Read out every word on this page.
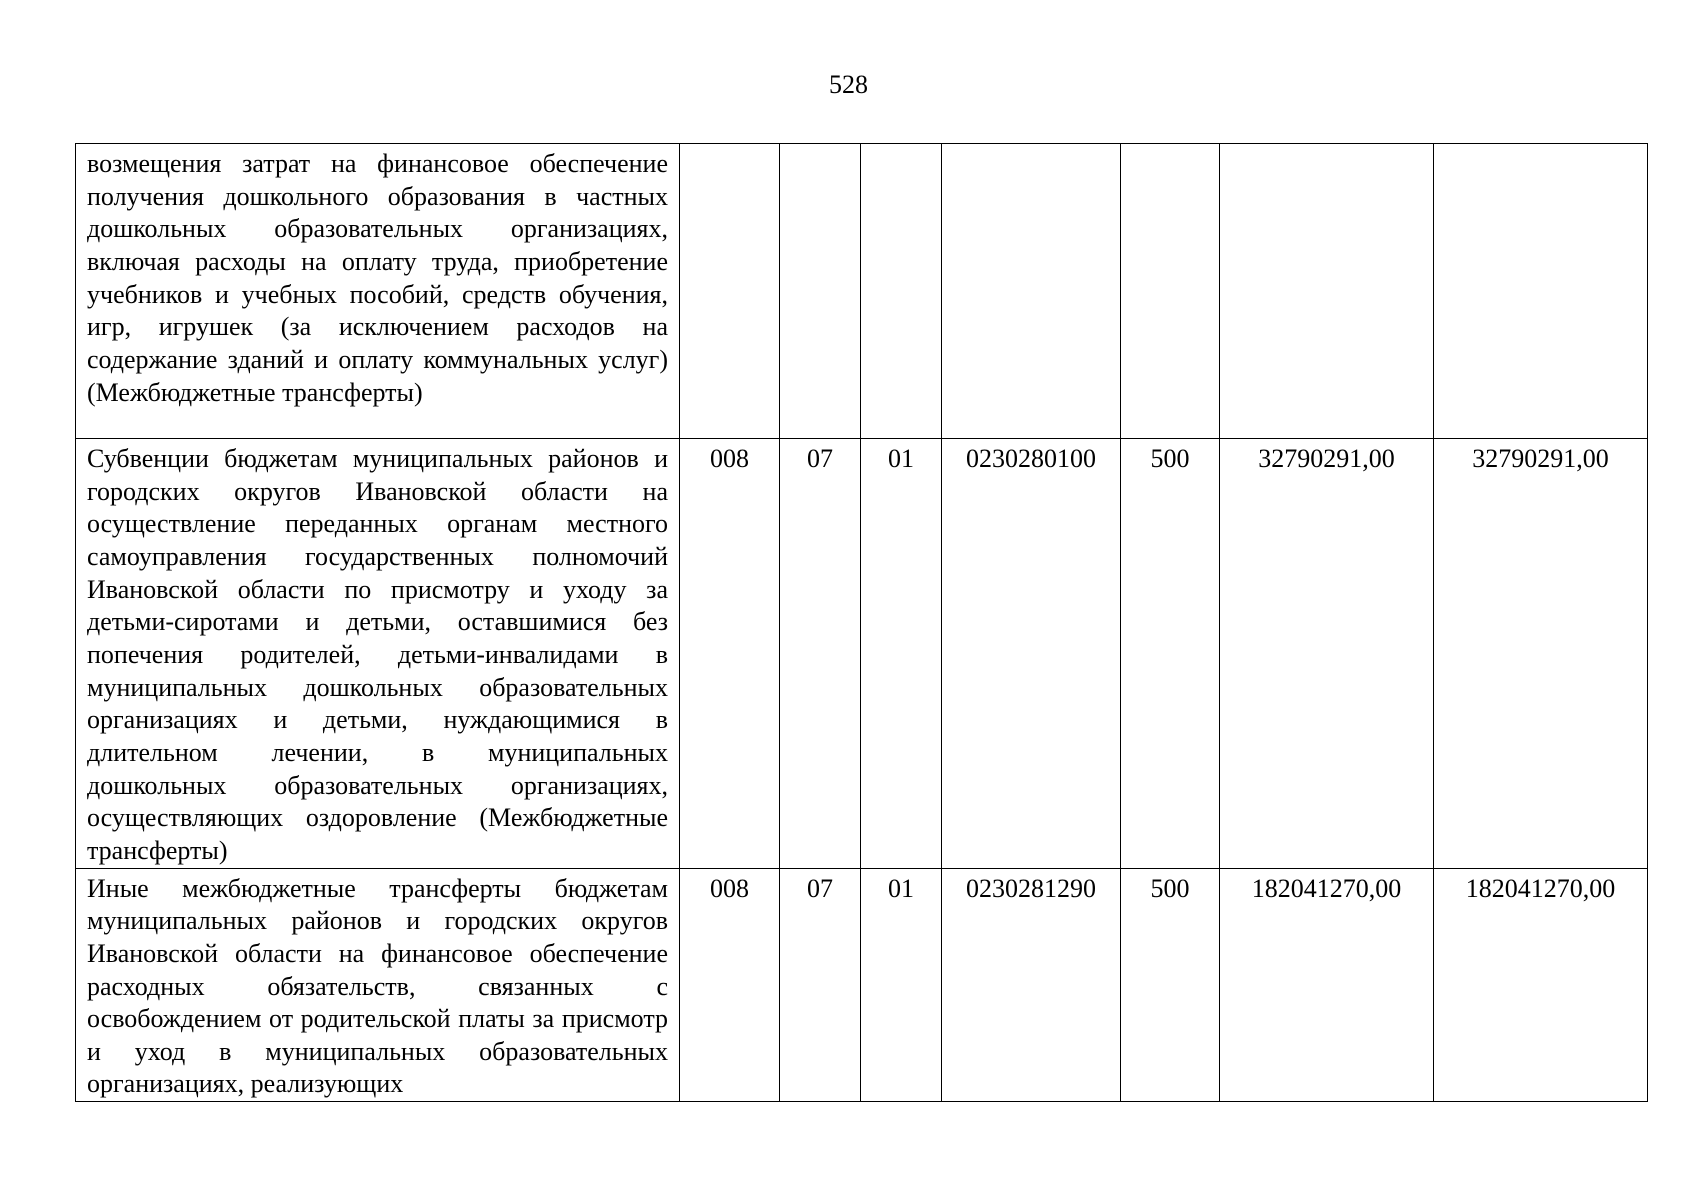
528
возмещения затрат на финансовое обеспечение получения дошкольного образования в частных дошкольных образовательных организациях, включая расходы на оплату труда, приобретение учебников и учебных пособий, средств обучения, игр, игрушек (за исключением расходов на содержание зданий и оплату коммунальных услуг) (Межбюджетные трансферты)							

Субвенции бюджетам муниципальных районов и городских округов Ивановской области на осуществление переданных органам местного самоуправления государственных полномочий Ивановской области по присмотру и уходу за детьми-сиротами и детьми, оставшимися без попечения родителей, детьми-инвалидами в муниципальных дошкольных образовательных организациях и детьми, нуждающимися в длительном лечении, в муниципальных дошкольных образовательных организациях, осуществляющих оздоровление (Межбюджетные трансферты)	008	07	01	0230280100	500	32790291,00	32790291,00

Иные межбюджетные трансферты бюджетам муниципальных районов и городских округов Ивановской области на финансовое обеспечение расходных обязательств, связанных с освобождением от родительской платы за присмотр и уход в муниципальных образовательных организациях, реализующих	008	07	01	0230281290	500	182041270,00	182041270,00
